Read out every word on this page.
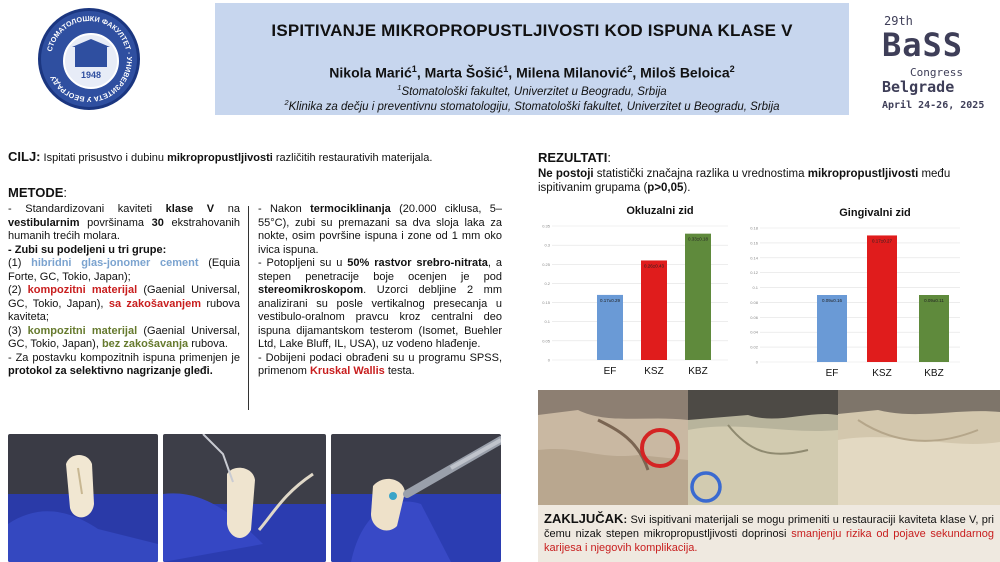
СТОМАТОЛОШКИ ФАКУЛТЕТ · УНИВЕРЗИТЕТА У БЕОГРАДУ	1948
ISPITIVANJE MIKROPROPUSTLJIVOSTI KOD ISPUNA KLASE V
Nikola Marić$^1$, Marta Šošić$^1$, Milena Milanović$^2$, Miloš Beloica$^2$
$^1$Stomatološki fakultet, Univerzitet u Beogradu, Srbija
$^2$Klinika za dečju i preventivnu stomatologiju, Stomatološki fakultet, Univerzitet u Beogradu, Srbija
29th
BaSS
Congress
Belgrade
April 24-26, 2025
CILJ: Ispitati prisustvo i dubinu mikropropustljivosti različitih restaurativih materijala.
METODE:
- Standardizovani kaviteti klase V na vestibularnim površinama 30 ekstrahovanih humanih trećih molara.
- Zubi su podeljeni u tri grupe:
(1) hibridni glas-jonomer cement (Equia Forte, GC, Tokio, Japan);
(2) kompozitni materijal (Gaenial Universal, GC, Tokio, Japan), sa zakošavanjem rubova kaviteta;
(3) kompozitni materijal (Gaenial Universal, GC, Tokio, Japan), bez zakošavanja rubova.
- Za postavku kompozitnih ispuna primenjen je protokol za selektivno nagrizanje gleđi.
- Nakon termociklinanja (20.000 ciklusa, 5–55°C), zubi su premazani sa dva sloja laka za nokte, osim površine ispuna i zone od 1 mm oko ivica ispuna.
- Potopljeni su u 50% rastvor srebro-nitrata, a stepen penetracije boje ocenjen je pod stereomikroskopom. Uzorci debljine 2 mm analizirani su posle vertikalnog presecanja u vestibulo-oralnom pravcu kroz centralni deo ispuna dijamantskom testerom (Isomet, Buehler Ltd, Lake Bluff, IL, USA), uz vodeno hlađenje.
- Dobijeni podaci obrađeni su u programu SPSS, primenom Kruskal Wallis testa.
REZULTATI:
Ne postoji statistički značajna razlika u vrednostima mikropropustljivosti među ispitivanim grupama (p>0,05).
Okluzalni zid
0
0.05
0.1
0.15
0.2
0.25
0.3
0.35
0.17±0.29
EF
0.26±0.43
KSZ
0.33±0.18
KBZ
Gingivalni zid
0
0.02
0.04
0.06
0.08
0.1
0.12
0.14
0.16
0.18
0.09±0.16
EF
0.17±0.27
KSZ
0.09±0.11
KBZ
ZAKLJUČAK: Svi ispitivani materijali se mogu primeniti u restauraciji kaviteta klase V, pri čemu nizak stepen mikropropustljivosti doprinosi smanjenju rizika od pojave sekundarnog karijesa i njegovih komplikacija.
